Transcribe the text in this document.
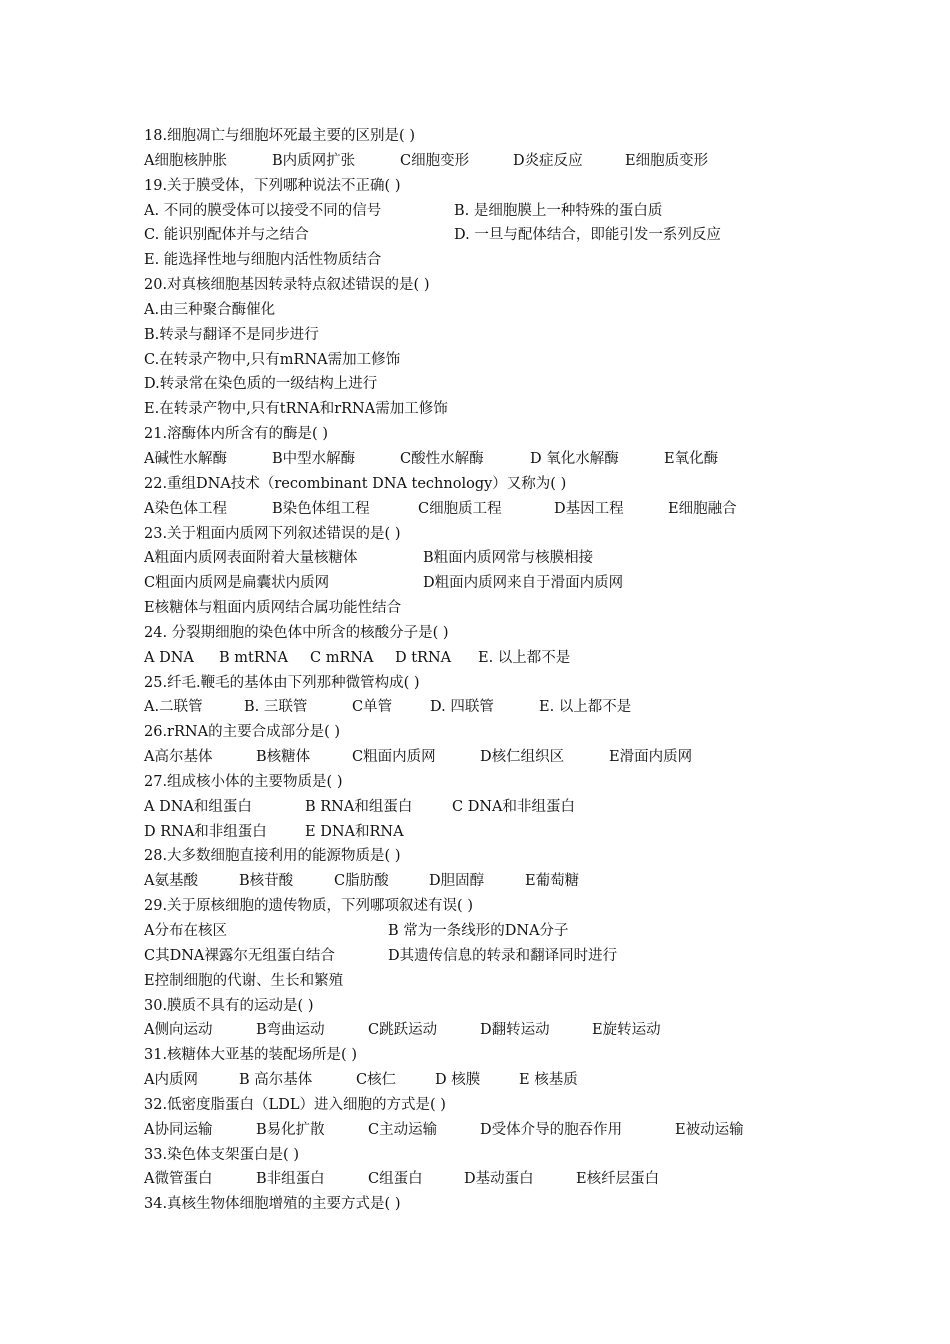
18.细胞凋亡与细胞坏死最主要的区别是( )
A细胞核肿胀	B内质网扩张	C细胞变形	D炎症反应	E细胞质变形
19.关于膜受体，下列哪种说法不正确( )
A. 不同的膜受体可以接受不同的信号	B. 是细胞膜上一种特殊的蛋白质
C. 能识别配体并与之结合	D. 一旦与配体结合，即能引发一系列反应
E. 能选择性地与细胞内活性物质结合
20.对真核细胞基因转录特点叙述错误的是( )
A.由三种聚合酶催化
B.转录与翻译不是同步进行
C.在转录产物中,只有mRNA需加工修饰
D.转录常在染色质的一级结构上进行
E.在转录产物中,只有tRNA和rRNA需加工修饰
21.溶酶体内所含有的酶是( )
A碱性水解酶	B中型水解酶	C酸性水解酶	D 氧化水解酶	E氧化酶
22.重组DNA技术（recombinant DNA technology）又称为( )
A染色体工程	B染色体组工程	C细胞质工程	D基因工程	E细胞融合
23.关于粗面内质网下列叙述错误的是( )
A粗面内质网表面附着大量核糖体	B粗面内质网常与核膜相接
C粗面内质网是扁囊状内质网	D粗面内质网来自于滑面内质网
E核糖体与粗面内质网结合属功能性结合
24. 分裂期细胞的染色体中所含的核酸分子是( )
A DNA B mtRNA C mRNA D tRNA E. 以上都不是
25.纤毛.鞭毛的基体由下列那种微管构成( )
A.二联管	B. 三联管	C单管	D. 四联管	E. 以上都不是
26.rRNA的主要合成部分是( )
A高尔基体	B核糖体	C粗面内质网	D核仁组织区	E滑面内质网
27.组成核小体的主要物质是( )
A DNA和组蛋白	B RNA和组蛋白	C DNA和非组蛋白
D RNA和非组蛋白	E DNA和RNA
28.大多数细胞直接利用的能源物质是( )
A氨基酸	B核苷酸	C脂肪酸	D胆固醇	E葡萄糖
29.关于原核细胞的遗传物质，下列哪项叙述有误( )
A分布在核区	B 常为一条线形的DNA分子
C其DNA裸露尔无组蛋白结合	D其遗传信息的转录和翻译同时进行
E控制细胞的代谢、生长和繁殖
30.膜质不具有的运动是( )
A侧向运动	B弯曲运动	C跳跃运动	D翻转运动	E旋转运动
31.核糖体大亚基的装配场所是( )
A内质网	B 高尔基体	C核仁	D 核膜	E 核基质
32.低密度脂蛋白（LDL）进入细胞的方式是( )
A协同运输	B易化扩散	C主动运输	D受体介导的胞吞作用	E被动运输
33.染色体支架蛋白是( )
A微管蛋白	B非组蛋白	C组蛋白	D基动蛋白	E核纤层蛋白
34.真核生物体细胞增殖的主要方式是( )
